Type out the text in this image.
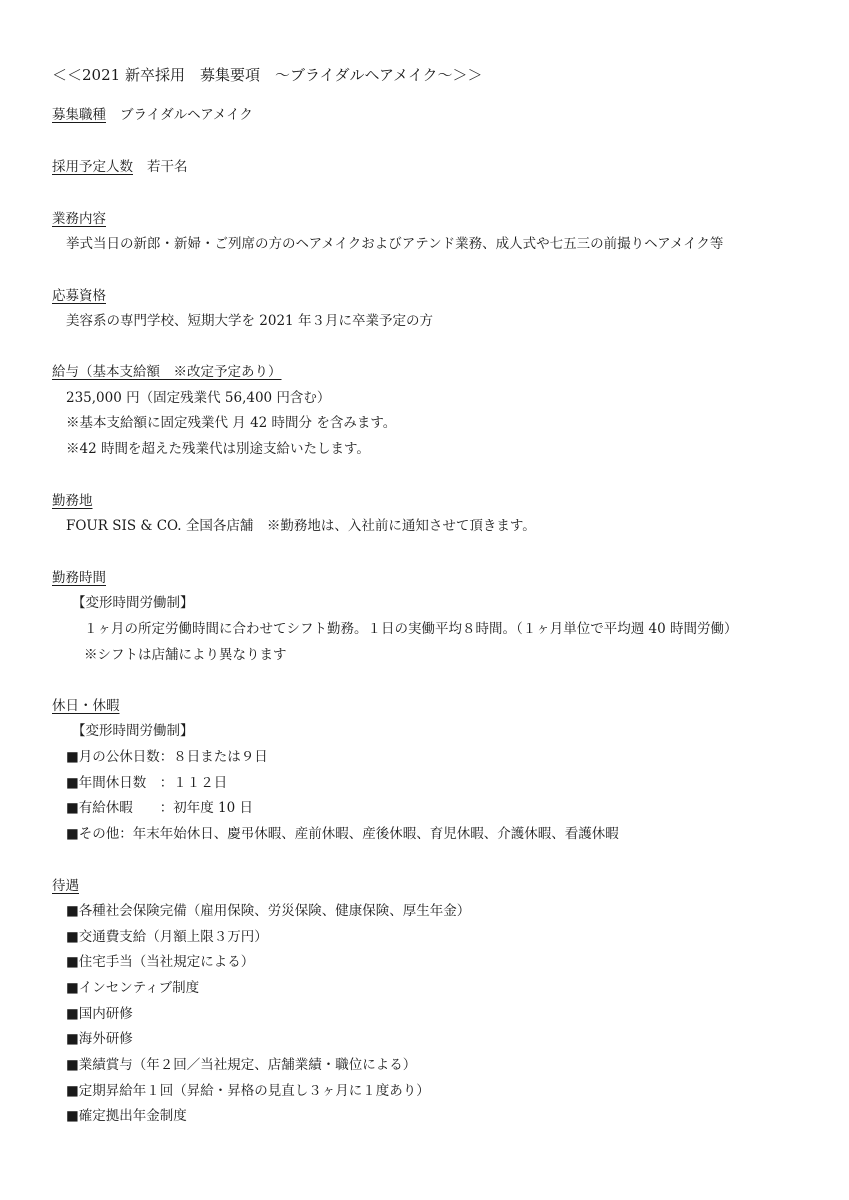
＜＜2021 新卒採用　募集要項　～ブライダルヘアメイク～＞＞
募集職種 ブライダルヘアメイク
採用予定人数 若干名
業務内容
挙式当日の新郎・新婦・ご列席の方のヘアメイクおよびアテンド業務、成人式や七五三の前撮りヘアメイク等
応募資格
美容系の専門学校、短期大学を 2021 年３月に卒業予定の方
給与（基本支給額　※改定予定あり）
235,000 円（固定残業代 56,400 円含む）
※基本支給額に固定残業代 月 42 時間分 を含みます。
※42 時間を超えた残業代は別途支給いたします。
勤務地
FOUR SIS & CO. 全国各店舗　※勤務地は、入社前に通知させて頂きます。
勤務時間
【変形時間労働制】
１ヶ月の所定労働時間に合わせてシフト勤務。１日の実働平均８時間。（１ヶ月単位で平均週 40 時間労働）
※シフトは店舗により異なります
休日・休暇
【変形時間労働制】
■月の公休日数：８日または９日
■年間休日数　：１１２日
■有給休暇　　：初年度 10 日
■その他：年末年始休日、慶弔休暇、産前休暇、産後休暇、育児休暇、介護休暇、看護休暇
待遇
■各種社会保険完備（雇用保険、労災保険、健康保険、厚生年金）
■交通費支給（月額上限３万円）
■住宅手当（当社規定による）
■インセンティブ制度
■国内研修
■海外研修
■業績賞与（年２回／当社規定、店舗業績・職位による）
■定期昇給年１回（昇給・昇格の見直し３ヶ月に１度あり）
■確定拠出年金制度
